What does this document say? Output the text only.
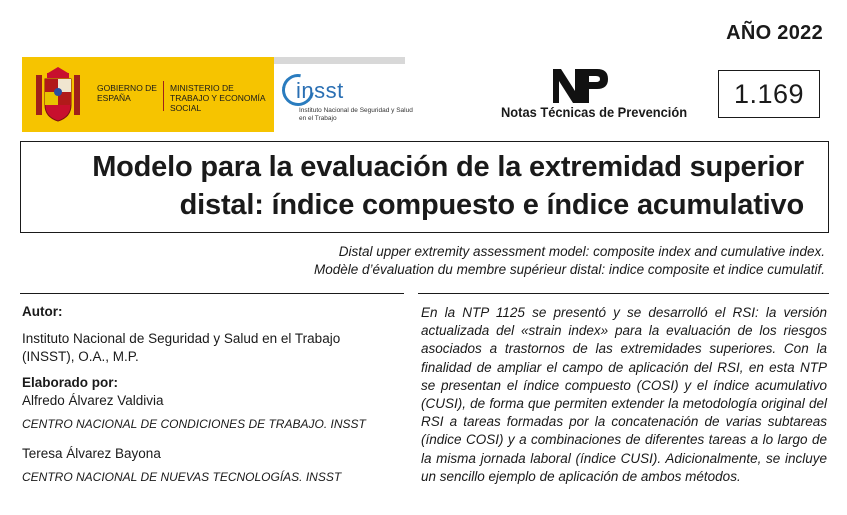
AÑO 2022
GOBIERNO DE ESPAÑA
MINISTERIO DE TRABAJO Y ECONOMÍA SOCIAL
insst
Instituto Nacional de Seguridad y Salud en el Trabajo	Notas Técnicas de Prevención
1.169
Modelo para la evaluación de la extremidad superior
distal: índice compuesto e índice acumulativo
Distal upper extremity assessment model: composite index and cumulative index.
Modèle d’évaluation du membre supérieur distal: indice composite et indice cumulatif.
Autor:
Instituto Nacional de Seguridad y Salud en el Trabajo (INSST), O.A., M.P.
Elaborado por:
Alfredo Álvarez Valdivia
CENTRO NACIONAL DE CONDICIONES DE TRABAJO. INSST
Teresa Álvarez Bayona
CENTRO NACIONAL DE NUEVAS TECNOLOGÍAS. INSST
En la NTP 1125 se presentó y se desarrolló el RSI: la versión actualizada del «strain index» para la evaluación de los riesgos asociados a trastornos de las extremidades superiores. Con la finalidad de ampliar el campo de aplicación del RSI, en esta NTP se presentan el índice compuesto (COSI) y el índice acumulativo (CUSI), de forma que permiten extender la metodología original del RSI a tareas formadas por la concatenación de varias subtareas (índice COSI) y a combinaciones de diferentes tareas a lo largo de la misma jornada laboral (índice CUSI). Adicionalmente, se incluye un sencillo ejemplo de aplicación de ambos métodos.
